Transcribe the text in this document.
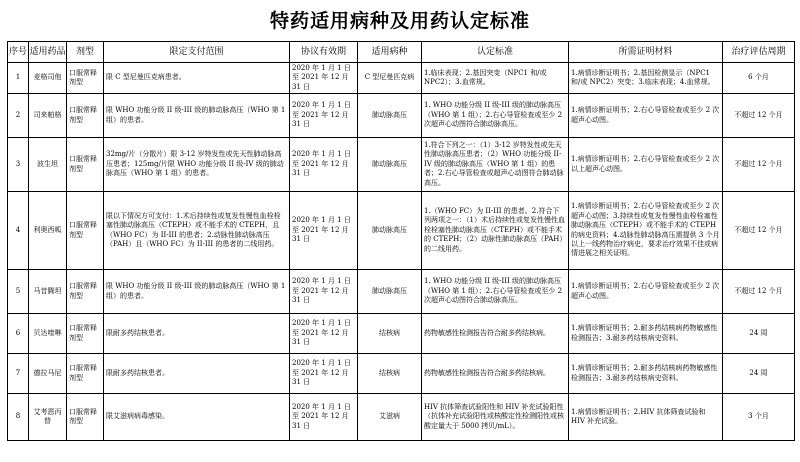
特药适用病种及用药认定标准
序号	适用药品	剂型	限定支付范围	协议有效期	适用病种	认定标准	所需证明材料	治疗评估周期
1	麦格司他	口服常释剂型	限 C 型尼曼匹克病患者。	2020 年 1 月 1 日至 2021 年 12 月 31 日	C 型尼曼匹克病	1.临床表现；2.基因突变（NPC1 和/或 NPC2）；3.血常规。	1.病情诊断证明书；2.基因检测显示（NPC1 和/或 NPC2）突变；3.临床表现；4.血常规。	6 个月
2	司来帕格	口服常释剂型	限 WHO 功能分级 II 级-III 级的肺动脉高压（WHO 第 1 组）的患者。	2020 年 1 月 1 日至 2021 年 12 月 31 日	肺动脉高压	1. WHO 功能分级 II 级-III 级的肺动脉高压（WHO 第 1 组）；2.右心导管检查或至少 2 次超声心动图符合肺动脉高压。	1.病情诊断证明书；2.右心导管检查或至少 2 次超声心动图。	不超过 12 个月
3	波生坦	口服常释剂型	32mg/片（分散片）限 3-12 岁特发性或先天性肺动脉高压患者；125mg/片限 WHO 功能分级 II 级-IV 级的肺动脉高压（WHO 第 1 组）的患者。	2020 年 1 月 1 日至 2021 年 12 月 31 日	肺动脉高压	1.符合下列之一：（1）3-12 岁特发性或先天性肺动脉高压患者；（2）WHO 功能分级 II-IV 级的肺动脉高压（WHO 第 1 组）的患者；2.右心导管检查或超声心动图符合肺动脉高压。	1.病情诊断证明书；2.右心导管检查或至少 2 次以上超声心动图。	不超过 12 个月
4	利奥西呱	口服常释剂型	限以下情况方可支付：1.术后持续性或复发性慢性血栓栓塞性肺动脉高压（CTEPH）或不能手术的 CTEPH，且（WHO FC）为 II-III 的患者；2.动脉性肺动脉高压（PAH）且（WHO FC）为 II-III 的患者的二线用药。	2020 年 1 月 1 日至 2021 年 12 月 31 日	肺动脉高压	1.（WHO FC）为 II-III 的患者。2.符合下列两项之一：（1）术后持续性或复发性慢性血栓栓塞性肺动脉高压（CTEPH）或不能手术的 CTEPH；（2）动脉性肺动脉高压（PAH）的二线用药。	1.病情诊断证明书；2.右心导管检查或至少 2 次超声心动图；3.持续性或复发性慢性血栓栓塞性肺动脉高压（CTEPH）或不能手术的 CTEPH 的病史资料；4.动脉性肺动脉高压需提供 3 个月以上一线药物治疗病史，要求治疗效果不佳或病情进展之相关证明。	不超过 12 个月
5	马昔腾坦	口服常释剂型	限 WHO 功能分级 II 级-III 级的肺动脉高压（WHO 第 1 组）的患者。	2020 年 1 月 1 日至 2021 年 12 月 31 日	肺动脉高压	1. WHO 功能分级 II 级-III 级的肺动脉高压（WHO 第 1 组）；2.右心导管检查或至少 2 次超声心动图符合肺动脉高压。	1.病情诊断证明书；2.右心导管检查或至少 2 次超声心动图。	不超过 12 个月
6	贝达喹啉	口服常释剂型	限耐多药结核患者。	2020 年 1 月 1 日至 2021 年 12 月 31 日	结核病	药物敏感性检测报告符合耐多药结核病。	1.病情诊断证明书；2.耐多药结核病药物敏感性检测报告；3.耐多药结核病史资料。	24 周
7	德拉马尼	口服常释剂型	限耐多药结核患者。	2020 年 1 月 1 日至 2021 年 12 月 31 日	结核病	药物敏感性检测报告符合耐多药结核病。	1.病情诊断证明书；2.耐多药结核病药物敏感性检测报告；3.耐多药结核病史资料。	24 周
8	艾考恩丙替	口服常释剂型	限艾滋病病毒感染。	2020 年 1 月 1 日至 2021 年 12 月 31 日	艾滋病	HIV 抗体筛查试验阳性和 HIV 补充试验阳性（抗体补充试验阳性或核酸定性检测阳性或核酸定量大于 5000 拷贝/mL）。	1.病情诊断证明书；2.HIV 抗体筛查试验和 HIV 补充试验。	3 个月
